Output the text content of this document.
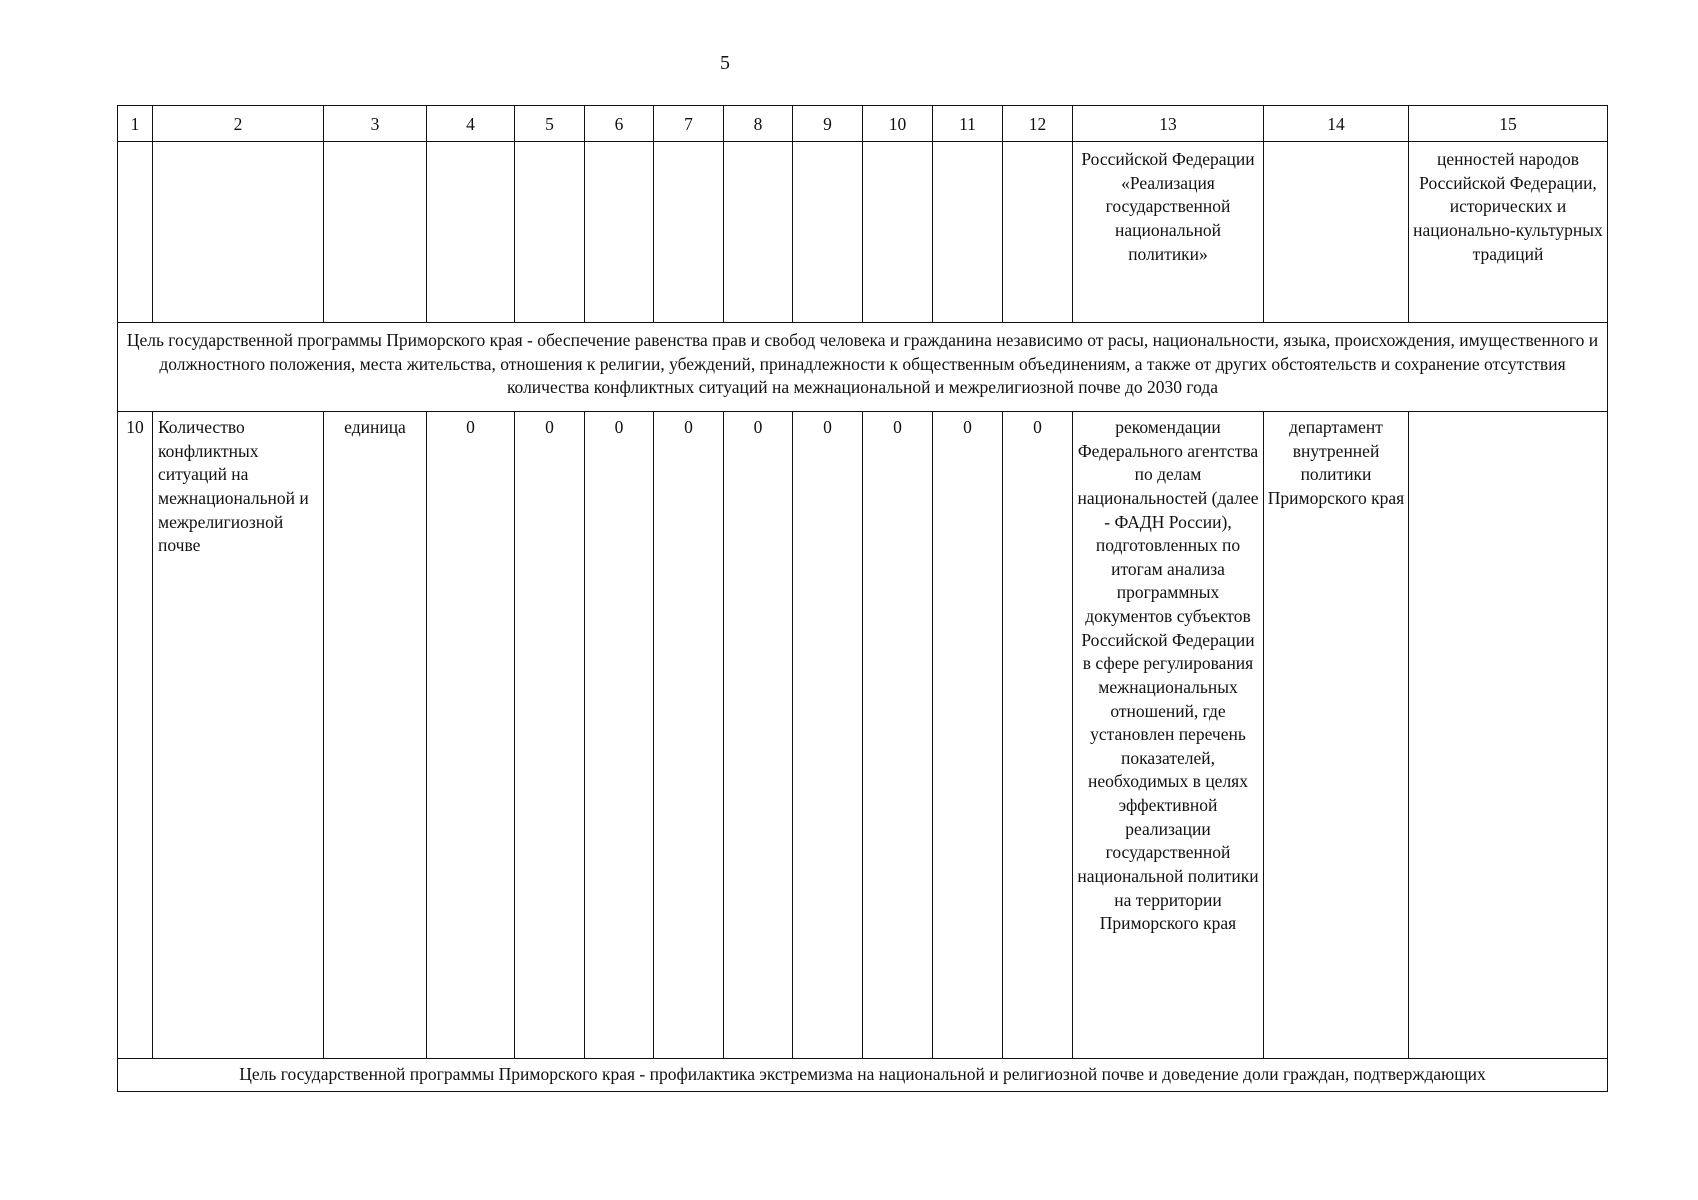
5
1	2	3	4	5	6	7	8	9	10	11	12	13	14	15
												Российской Федерации «Реализация государственной национальной политики»		ценностей народов Российской Федерации, исторических и национально-культурных традиций
Цель государственной программы Приморского края - обеспечение равенства прав и свобод человека и гражданина независимо от расы, национальности, языка, происхождения, имущественного и должностного положения, места жительства, отношения к религии, убеждений, принадлежности к общественным объединениям, а также от других обстоятельств и сохранение отсутствия количества конфликтных ситуаций на межнациональной и межрелигиозной почве до 2030 года														
10	Количество конфликтных ситуаций на межнациональной и межрелигиозной почве	единица	0	0	0	0	0	0	0	0	0	рекомендации Федерального агентства по делам национальностей (далее - ФАДН России), подготовленных по итогам анализа программных документов субъектов Российской Федерации в сфере регулирования межнациональных отношений, где установлен перечень показателей, необходимых в целях эффективной реализации государственной национальной политики на территории Приморского края	департамент внутренней политики Приморского края	
Цель государственной программы Приморского края - профилактика экстремизма на национальной и религиозной почве и доведение доли граждан, подтверждающих														
